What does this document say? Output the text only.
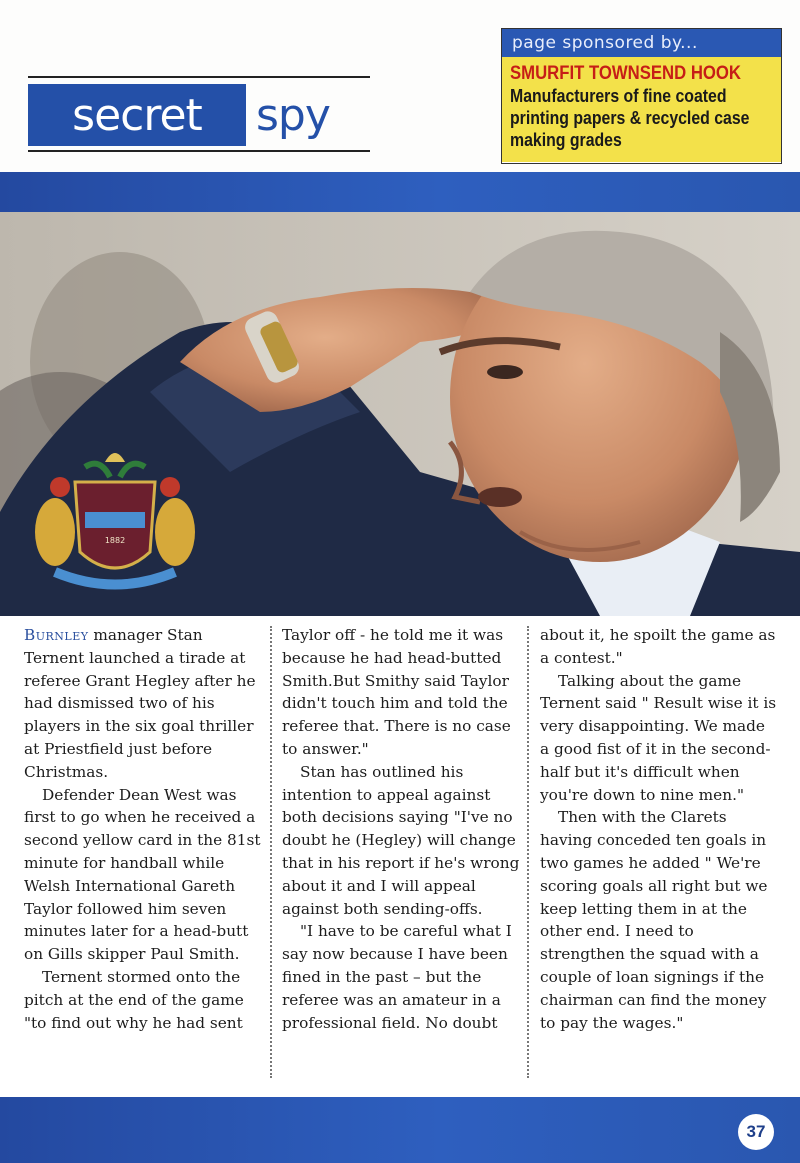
secret	spy
page sponsored by...
SMURFIT TOWNSEND HOOK
Manufacturers of fine coated printing papers & recycled case making grades
1882

Burnley manager Stan Ternent launched a tirade at referee Grant Hegley after he had dismissed two of his players in the six goal thriller at Priestfield just before Christmas.

Defender Dean West was first to go when he received a second yellow card in the 81st minute for handball while Welsh International Gareth Taylor followed him seven minutes later for a head-butt on Gills skipper Paul Smith.

Ternent stormed onto the pitch at the end of the game "to find out why he had sent

Taylor off - he told me it was because he had head-butted Smith.But Smithy said Taylor didn't touch him and told the referee that. There is no case to answer."

Stan has outlined his intention to appeal against both decisions saying "I've no doubt he (Hegley) will change that in his report if he's wrong about it and I will appeal against both sending-offs.

"I have to be careful what I say now because I have been fined in the past – but the referee was an amateur in a professional field. No doubt

about it, he spoilt the game as a contest."

Talking about the game Ternent said " Result wise it is very disappointing. We made a good fist of it in the second-half but it's difficult when you're down to nine men."

Then with the Clarets having conceded ten goals in two games he added " We're scoring goals all right but we keep letting them in at the other end. I need to strengthen the squad with a couple of loan signings if the chairman can find the money to pay the wages."

37
